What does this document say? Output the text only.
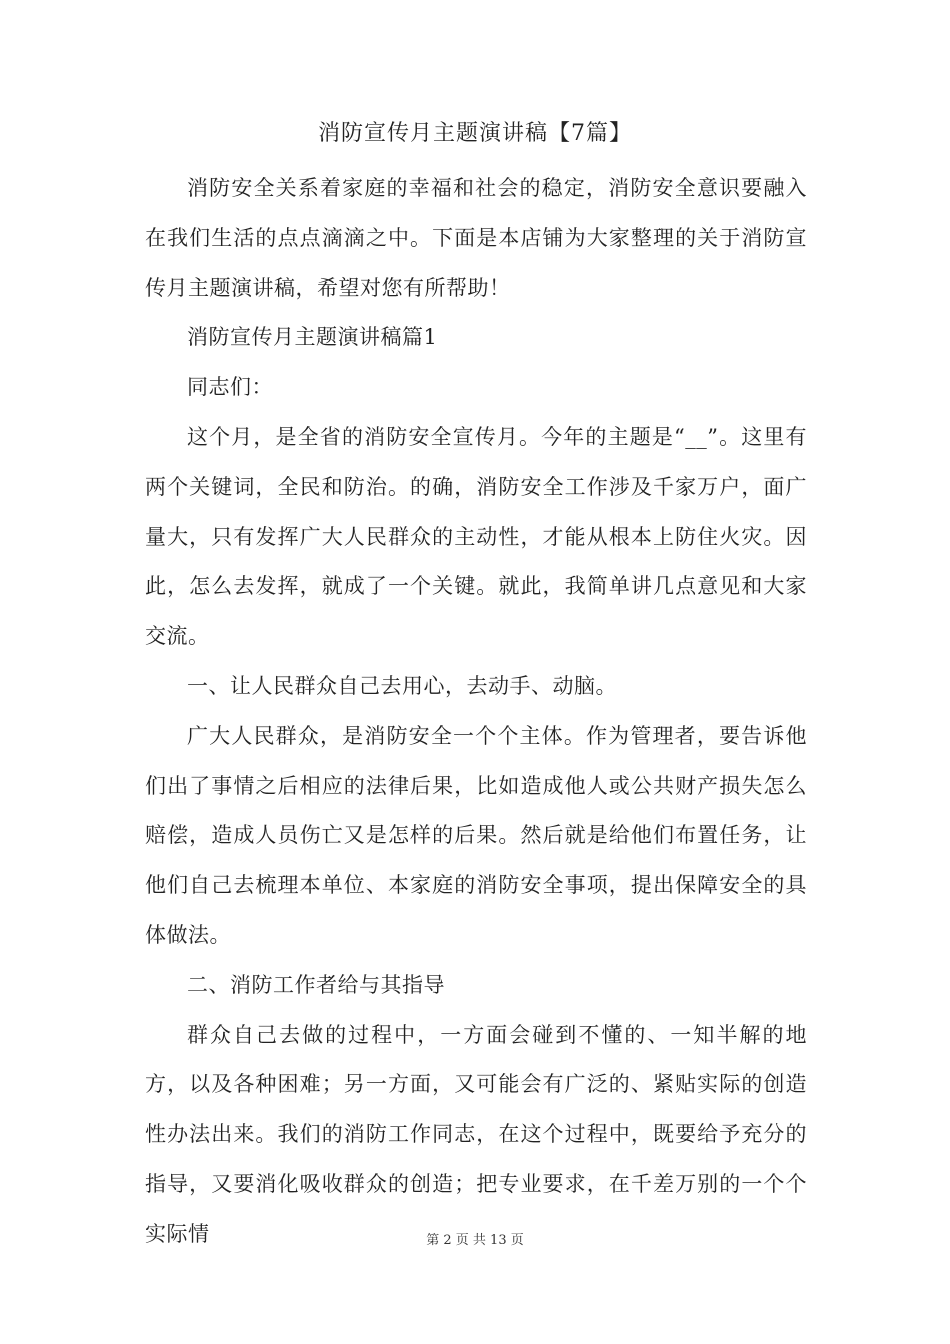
消防宣传月主题演讲稿【7篇】

消防安全关系着家庭的幸福和社会的稳定，消防安全意识要融入在我们生活的点点滴滴之中。下面是本店铺为大家整理的关于消防宣传月主题演讲稿，希望对您有所帮助！

消防宣传月主题演讲稿篇1

同志们：

这个月，是全省的消防安全宣传月。今年的主题是“__”。这里有两个关键词，全民和防治。的确，消防安全工作涉及千家万户，面广量大，只有发挥广大人民群众的主动性，才能从根本上防住火灾。因此，怎么去发挥，就成了一个关键。就此，我简单讲几点意见和大家交流。

一、让人民群众自己去用心，去动手、动脑。

广大人民群众，是消防安全一个个主体。作为管理者，要告诉他们出了事情之后相应的法律后果，比如造成他人或公共财产损失怎么赔偿，造成人员伤亡又是怎样的后果。然后就是给他们布置任务，让他们自己去梳理本单位、本家庭的消防安全事项，提出保障安全的具体做法。

二、消防工作者给与其指导

群众自己去做的过程中，一方面会碰到不懂的、一知半解的地方，以及各种困难；另一方面，又可能会有广泛的、紧贴实际的创造性办法出来。我们的消防工作同志，在这个过程中，既要给予充分的指导，又要消化吸收群众的创造；把专业要求，在千差万别的一个个实际情	第 2 页 共 13 页
